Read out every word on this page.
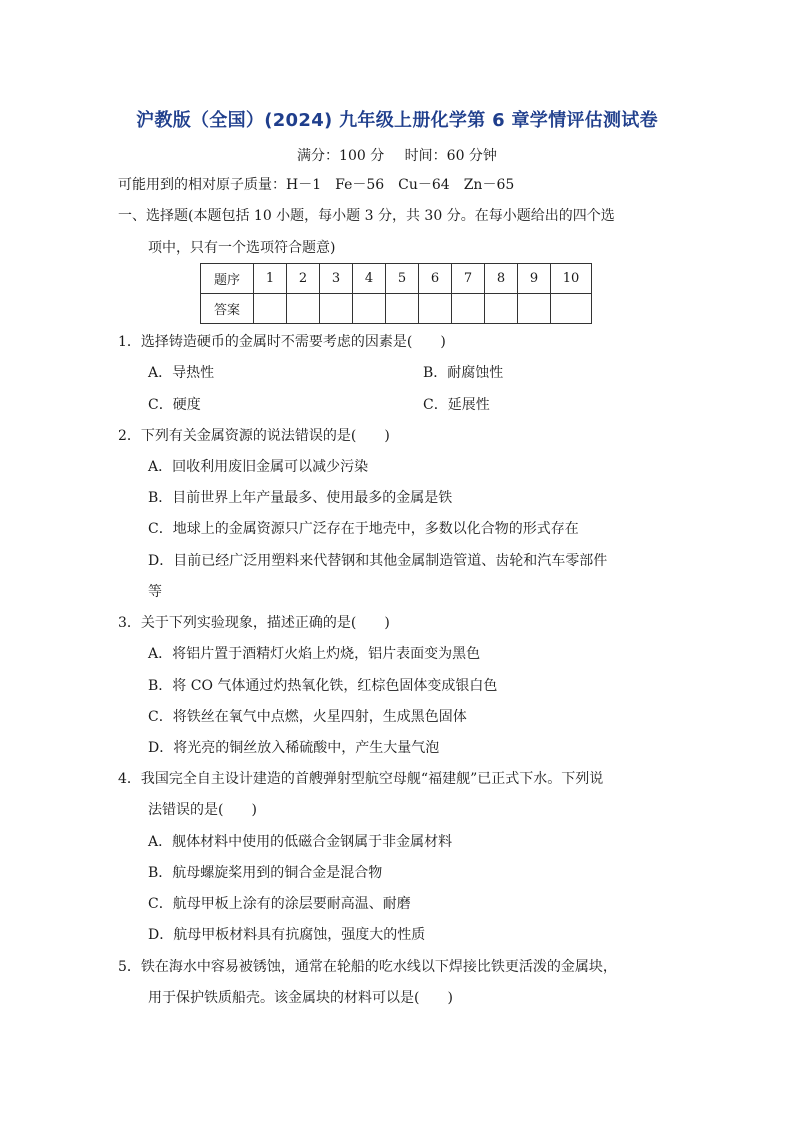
沪教版（全国）(2024) 九年级上册化学第 6 章学情评估测试卷
满分：100 分 时间：60 分钟
可能用到的相对原子质量：H－1　Fe－56　Cu－64　Zn－65
一、选择题(本题包括 10 小题，每小题 3 分，共 30 分。在每小题给出的四个选
项中，只有一个选项符合题意)
题序	1	2	3	4	5	6	7	8	9	10
答案										
1．选择铸造硬币的金属时不需要考虑的因素是(　　)
A．导热性	B．耐腐蚀性
C．硬度	C．延展性
2．下列有关金属资源的说法错误的是(　　)
A．回收利用废旧金属可以减少污染
B．目前世界上年产量最多、使用最多的金属是铁
C．地球上的金属资源只广泛存在于地壳中，多数以化合物的形式存在
D．目前已经广泛用塑料来代替钢和其他金属制造管道、齿轮和汽车零部件
等
3．关于下列实验现象，描述正确的是(　　)
A．将铝片置于酒精灯火焰上灼烧，铝片表面变为黑色
B．将 CO 气体通过灼热氧化铁，红棕色固体变成银白色
C．将铁丝在氧气中点燃，火星四射，生成黑色固体
D．将光亮的铜丝放入稀硫酸中，产生大量气泡
4．我国完全自主设计建造的首艘弹射型航空母舰“福建舰”已正式下水。下列说
法错误的是(　　)
A．舰体材料中使用的低磁合金钢属于非金属材料
B．航母螺旋桨用到的铜合金是混合物
C．航母甲板上涂有的涂层要耐高温、耐磨
D．航母甲板材料具有抗腐蚀，强度大的性质
5．铁在海水中容易被锈蚀，通常在轮船的吃水线以下焊接比铁更活泼的金属块，
用于保护铁质船壳。该金属块的材料可以是(　　)
